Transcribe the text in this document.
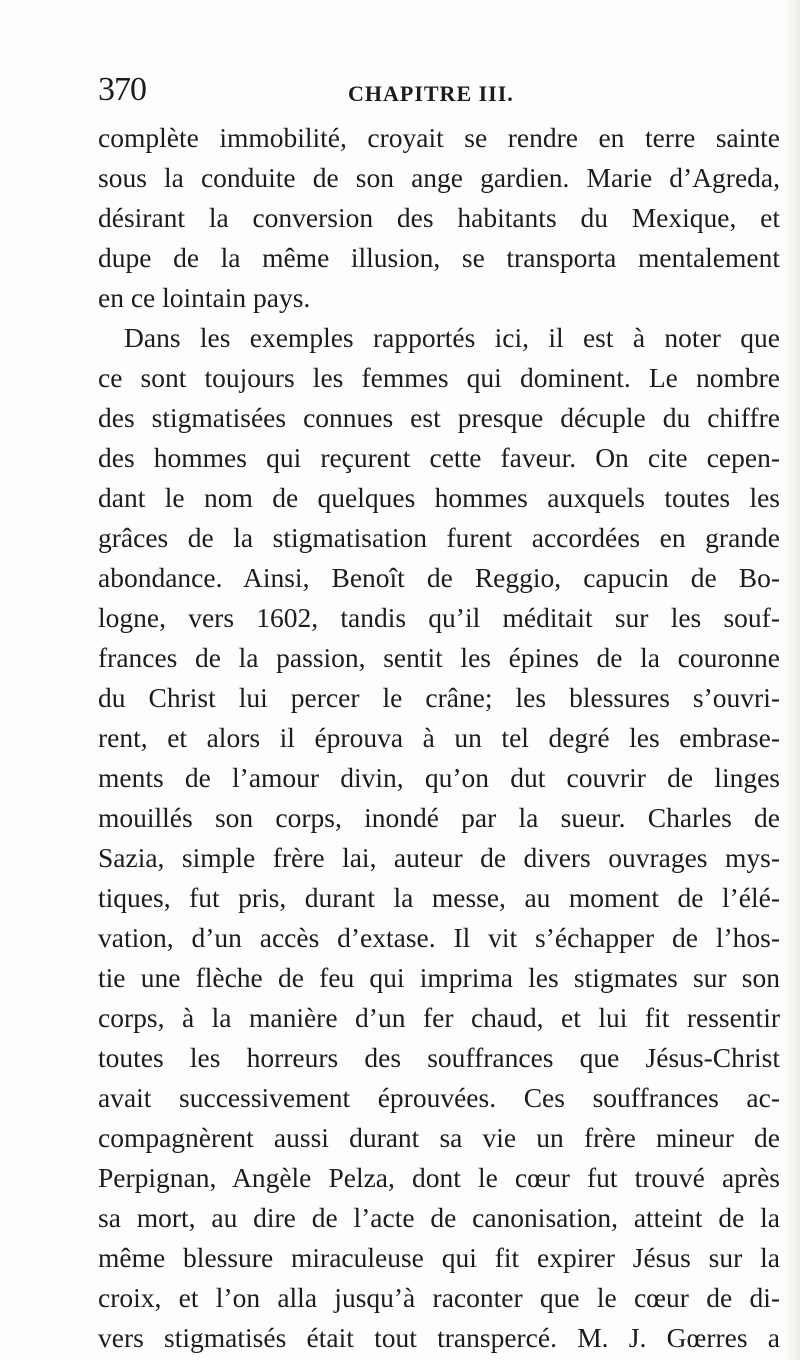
370	CHAPITRE III.
complète immobilité, croyait se rendre en terre sainte
sous la conduite de son ange gardien. Marie d’Agreda,
désirant la conversion des habitants du Mexique, et
dupe de la même illusion, se transporta mentalement
en ce lointain pays.
Dans les exemples rapportés ici, il est à noter que
ce sont toujours les femmes qui dominent. Le nombre
des stigmatisées connues est presque décuple du chiffre
des hommes qui reçurent cette faveur. On cite cepen-
dant le nom de quelques hommes auxquels toutes les
grâces de la stigmatisation furent accordées en grande
abondance. Ainsi, Benoît de Reggio, capucin de Bo-
logne, vers 1602, tandis qu’il méditait sur les souf-
frances de la passion, sentit les épines de la couronne
du Christ lui percer le crâne; les blessures s’ouvri-
rent, et alors il éprouva à un tel degré les embrase-
ments de l’amour divin, qu’on dut couvrir de linges
mouillés son corps, inondé par la sueur. Charles de
Sazia, simple frère lai, auteur de divers ouvrages mys-
tiques, fut pris, durant la messe, au moment de l’élé-
vation, d’un accès d’extase. Il vit s’échapper de l’hos-
tie une flèche de feu qui imprima les stigmates sur son
corps, à la manière d’un fer chaud, et lui fit ressentir
toutes les horreurs des souffrances que Jésus-Christ
avait successivement éprouvées. Ces souffrances ac-
compagnèrent aussi durant sa vie un frère mineur de
Perpignan, Angèle Pelza, dont le cœur fut trouvé après
sa mort, au dire de l’acte de canonisation, atteint de la
même blessure miraculeuse qui fit expirer Jésus sur la
croix, et l’on alla jusqu’à raconter que le cœur de di-
vers stigmatisés était tout transpercé. M. J. Gœrres a
